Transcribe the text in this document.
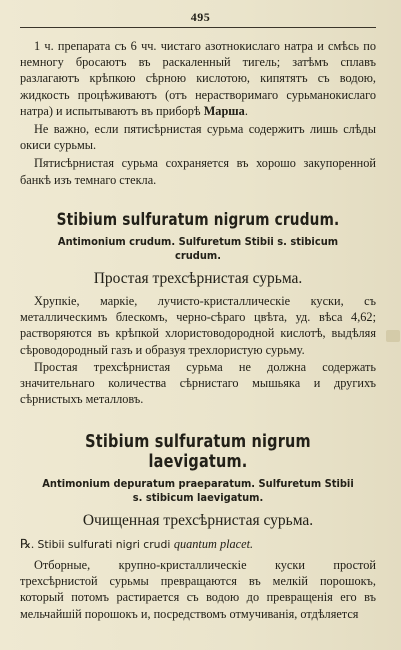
495

1 ч. препарата съ 6 чч. чистаго азотнокислаго натра и смѣсь по немногу бросаютъ въ раскаленный тигель; затѣмъ сплавъ разлагаютъ крѣпкою сѣрною кислотою, кипятятъ съ водою, жидкость процѣживаютъ (отъ нерастворимаго сурьманокислаго натра) и испытываютъ въ приборѣ Марша.

Не важно, если пятисѣрнистая сурьма содержитъ лишь слѣды окиси сурьмы.

Пятисѣрнистая сурьма сохраняется въ хорошо закупоренной банкѣ изъ темнаго стекла.

Stibium sulfuratum nigrum crudum.
Antimonium crudum. Sulfuretum Stibii s. stibicum crudum.
Простая трехсѣрнистая сурьма.

Хрупкіе, маркіе, лучисто-кристаллическіе куски, съ металлическимъ блескомъ, черно-сѣраго цвѣта, уд. вѣса 4,62; растворяются въ крѣпкой хлористоводородной кислотѣ, выдѣляя сѣроводородный газъ и образуя трехлористую сурьму.

Простая трехсѣрнистая сурьма не должна содержать значительнаго количества сѣрнистаго мышьяка и другихъ сѣрнистыхъ металловъ.

Stibium sulfuratum nigrum laevigatum.
Antimonium depuratum praeparatum. Sulfuretum Stibii s. stibicum laevigatum.
Очищенная трехсѣрнистая сурьма.

℞. Stibii sulfurati nigri crudi quantum placet.

Отборные, крупно-кристаллическіе куски простой трехсѣрнистой сурьмы превращаются въ мелкій порошокъ, который потомъ растирается съ водою до превращенія его въ мельчайшій порошокъ и, посредствомъ отмучиванія, отдѣляется
